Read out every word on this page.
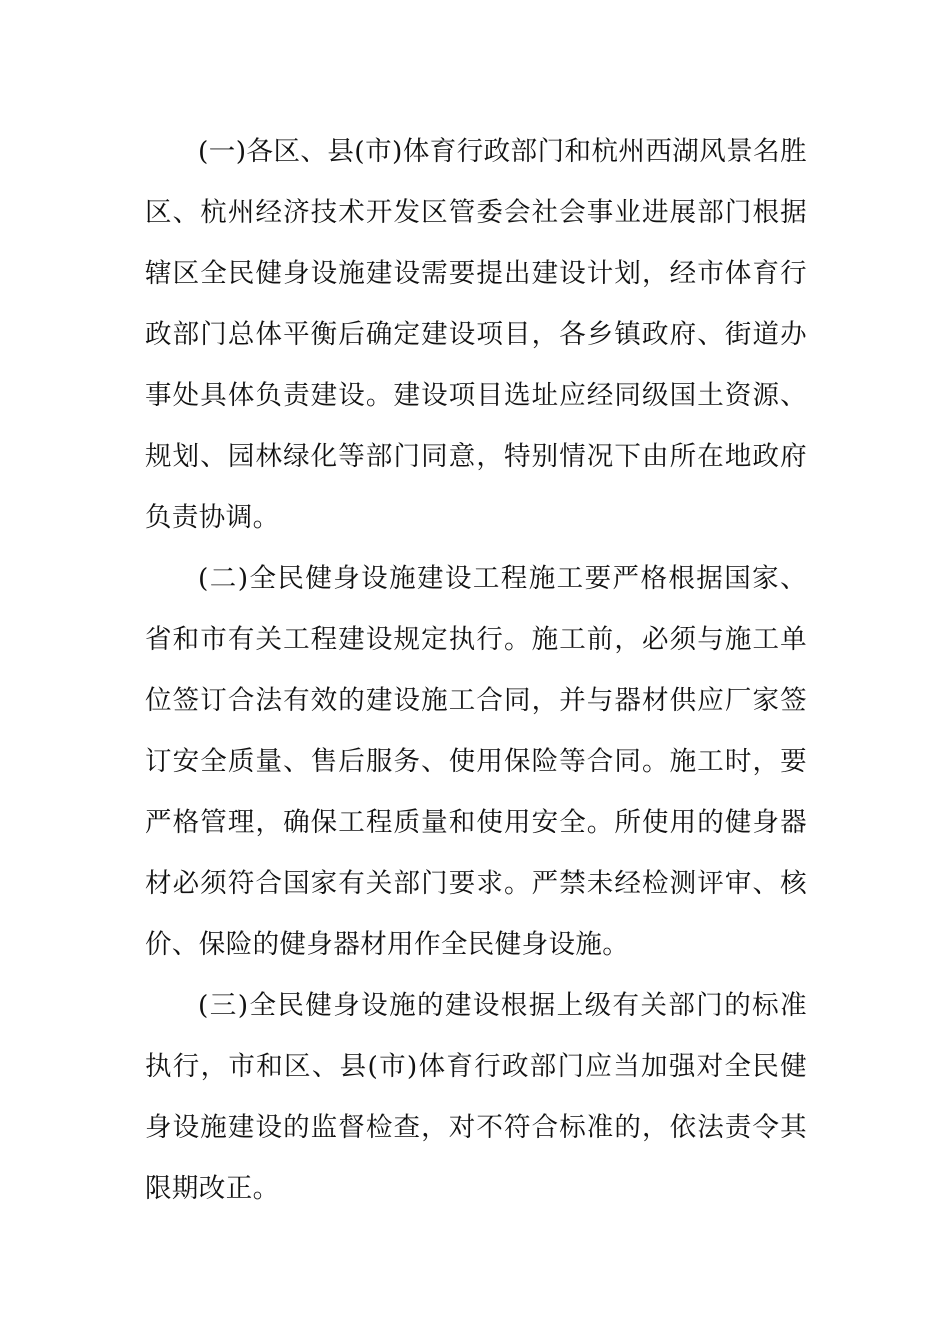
(一)各区、县(市)体育行政部门和杭州西湖风景名胜区、杭州经济技术开发区管委会社会事业进展部门根据辖区全民健身设施建设需要提出建设计划，经市体育行政部门总体平衡后确定建设项目，各乡镇政府、街道办事处具体负责建设。建设项目选址应经同级国土资源、规划、园林绿化等部门同意，特别情况下由所在地政府负责协调。

(二)全民健身设施建设工程施工要严格根据国家、省和市有关工程建设规定执行。施工前，必须与施工单位签订合法有效的建设施工合同，并与器材供应厂家签订安全质量、售后服务、使用保险等合同。施工时，要严格管理，确保工程质量和使用安全。所使用的健身器材必须符合国家有关部门要求。严禁未经检测评审、核价、保险的健身器材用作全民健身设施。

(三)全民健身设施的建设根据上级有关部门的标准执行，市和区、县(市)体育行政部门应当加强对全民健身设施建设的监督检查，对不符合标准的，依法责令其限期改正。
